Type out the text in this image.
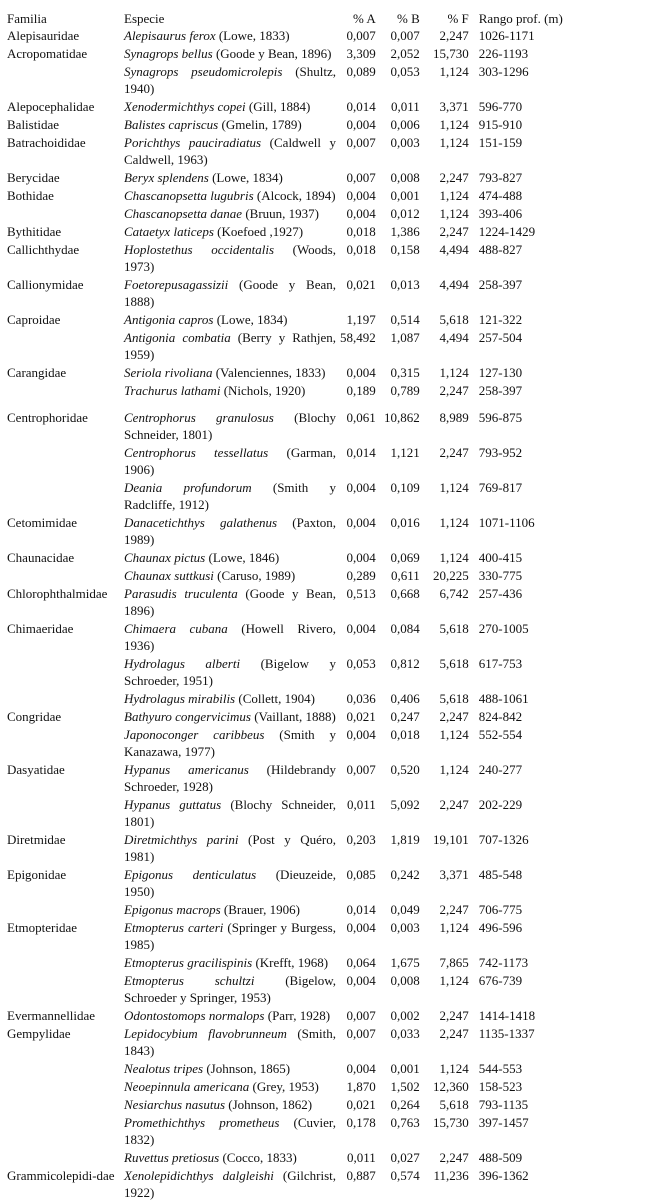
Familia	Especie	% A	% B	% F	Rango prof. (m)
Alepisauridae	Alepisaurus ferox (Lowe, 1833)	0,007	0,007	2,247	1026-1171
Acropomatidae	Synagrops bellus (Goode y Bean, 1896)	3,309	2,052	15,730	226-1193

	Synagrops pseudomicrolepis (Shultz, 1940)	0,089	0,053	1,124	303-1296
Alepocephalidae	Xenodermichthys copei (Gill, 1884)	0,014	0,011	3,371	596-770
Balistidae	Balistes capriscus (Gmelin, 1789)	0,004	0,006	1,124	915-910
Batrachoididae	Porichthys pauciradiatus (Caldwell y Caldwell, 1963)	0,007	0,003	1,124	151-159
Berycidae	Beryx splendens (Lowe, 1834)	0,007	0,008	2,247	793-827
Bothidae	Chascanopsetta lugubris (Alcock, 1894)	0,004	0,001	1,124	474-488

	Chascanopsetta danae (Bruun, 1937)	0,004	0,012	1,124	393-406
Bythitidae	Cataetyx laticeps (Koefoed ,1927)	0,018	1,386	2,247	1224-1429
Callichthydae	Hoplostethus occidentalis (Woods, 1973)	0,018	0,158	4,494	488-827
Callionymidae	Foetorepusagassizii (Goode y Bean, 1888)	0,021	0,013	4,494	258-397
Caproidae	Antigonia capros (Lowe, 1834)	1,197	0,514	5,618	121-322

	Antigonia combatia (Berry y Rathjen, 1959)	58,492	1,087	4,494	257-504
Carangidae	Seriola rivoliana (Valenciennes, 1833)	0,004	0,315	1,124	127-130

	Trachurus lathami (Nichols, 1920)	0,189	0,789	2,247	258-397
Centrophoridae	Centrophorus granulosus (Blochy Schneider, 1801)	0,061	10,862	8,989	596-875

	Centrophorus tessellatus (Garman, 1906)	0,014	1,121	2,247	793-952

	Deania profundorum (Smith y Radcliffe, 1912)	0,004	0,109	1,124	769-817
Cetomimidae	Danacetichthys galathenus (Paxton, 1989)	0,004	0,016	1,124	1071-1106
Chaunacidae	Chaunax pictus (Lowe, 1846)	0,004	0,069	1,124	400-415

	Chaunax suttkusi (Caruso, 1989)	0,289	0,611	20,225	330-775
Chlorophthalmidae	Parasudis truculenta (Goode y Bean, 1896)	0,513	0,668	6,742	257-436
Chimaeridae	Chimaera cubana (Howell Rivero, 1936)	0,004	0,084	5,618	270-1005

	Hydrolagus alberti (Bigelow y Schroeder, 1951)	0,053	0,812	5,618	617-753

	Hydrolagus mirabilis (Collett, 1904)	0,036	0,406	5,618	488-1061
Congridae	Bathyuro congervicimus (Vaillant, 1888)	0,021	0,247	2,247	824-842

	Japonoconger caribbeus (Smith y Kanazawa, 1977)	0,004	0,018	1,124	552-554
Dasyatidae	Hypanus americanus (Hildebrandy Schroeder, 1928)	0,007	0,520	1,124	240-277

	Hypanus guttatus (Blochy Schneider, 1801)	0,011	5,092	2,247	202-229
Diretmidae	Diretmichthys parini (Post y Quéro, 1981)	0,203	1,819	19,101	707-1326
Epigonidae	Epigonus denticulatus (Dieuzeide, 1950)	0,085	0,242	3,371	485-548

	Epigonus macrops (Brauer, 1906)	0,014	0,049	2,247	706-775
Etmopteridae	Etmopterus carteri (Springer y Burgess, 1985)	0,004	0,003	1,124	496-596

	Etmopterus gracilispinis (Krefft, 1968)	0,064	1,675	7,865	742-1173

	Etmopterus schultzi (Bigelow, Schroeder y Springer, 1953)	0,004	0,008	1,124	676-739
Evermannellidae	Odontostomops normalops (Parr, 1928)	0,007	0,002	2,247	1414-1418
Gempylidae	Lepidocybium flavobrunneum (Smith, 1843)	0,007	0,033	2,247	1135-1337

	Nealotus tripes (Johnson, 1865)	0,004	0,001	1,124	544-553

	Neoepinnula americana (Grey, 1953)	1,870	1,502	12,360	158-523

	Nesiarchus nasutus (Johnson, 1862)	0,021	0,264	5,618	793-1135

	Promethichthys prometheus (Cuvier, 1832)	0,178	0,763	15,730	397-1457

	Ruvettus pretiosus (Cocco, 1833)	0,011	0,027	2,247	488-509
Grammicolepidi-dae	Xenolepidichthys dalgleishi (Gilchrist, 1922)	0,887	0,574	11,236	396-1362
